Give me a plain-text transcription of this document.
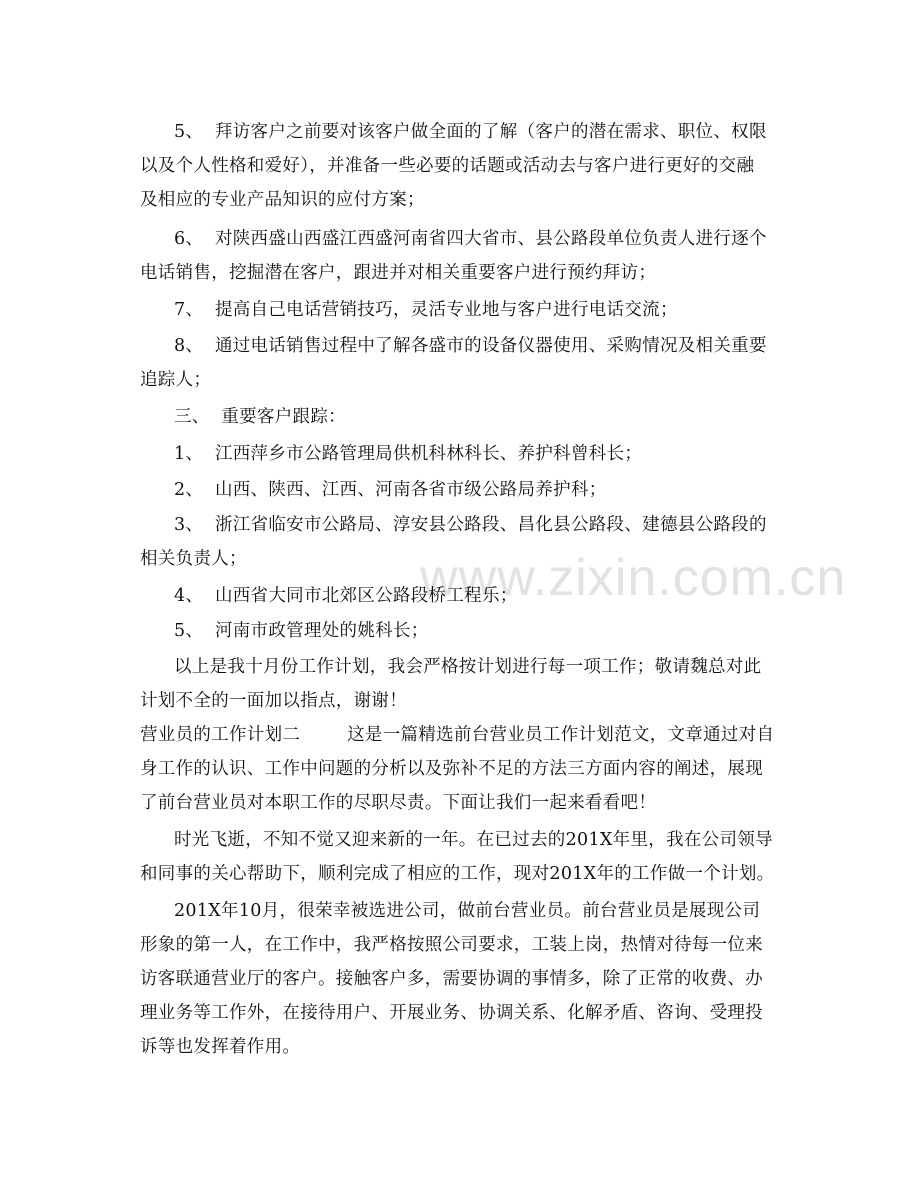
www.zixin.com.cn
5、  拜访客户之前要对该客户做全面的了解（客户的潜在需求、职位、权限
以及个人性格和爱好），并准备一些必要的话题或活动去与客户进行更好的交融
及相应的专业产品知识的应付方案；
6、  对陕西盛山西盛江西盛河南省四大省市、县公路段单位负责人进行逐个
电话销售，挖掘潜在客户，跟进并对相关重要客户进行预约拜访；
7、  提高自己电话营销技巧，灵活专业地与客户进行电话交流；
8、  通过电话销售过程中了解各盛市的设备仪器使用、采购情况及相关重要
追踪人；
三、  重要客户跟踪：
1、  江西萍乡市公路管理局供机科林科长、养护科曾科长；
2、  山西、陕西、江西、河南各省市级公路局养护科；
3、  浙江省临安市公路局、淳安县公路段、昌化县公路段、建德县公路段的
相关负责人；
4、  山西省大同市北郊区公路段桥工程乐；
5、  河南市政管理处的姚科长；
以上是我十月份工作计划，我会严格按计划进行每一项工作；敬请魏总对此
计划不全的一面加以指点，谢谢！
营业员的工作计划二        这是一篇精选前台营业员工作计划范文，文章通过对自
身工作的认识、工作中问题的分析以及弥补不足的方法三方面内容的阐述，展现
了前台营业员对本职工作的尽职尽责。下面让我们一起来看看吧！
时光飞逝，不知不觉又迎来新的一年。在已过去的201X年里，我在公司领导
和同事的关心帮助下，顺利完成了相应的工作，现对201X年的工作做一个计划。
201X年10月，很荣幸被选进公司，做前台营业员。前台营业员是展现公司
形象的第一人，在工作中，我严格按照公司要求，工装上岗，热情对待每一位来
访客联通营业厅的客户。接触客户多，需要协调的事情多，除了正常的收费、办
理业务等工作外，在接待用户、开展业务、协调关系、化解矛盾、咨询、受理投
诉等也发挥着作用。
